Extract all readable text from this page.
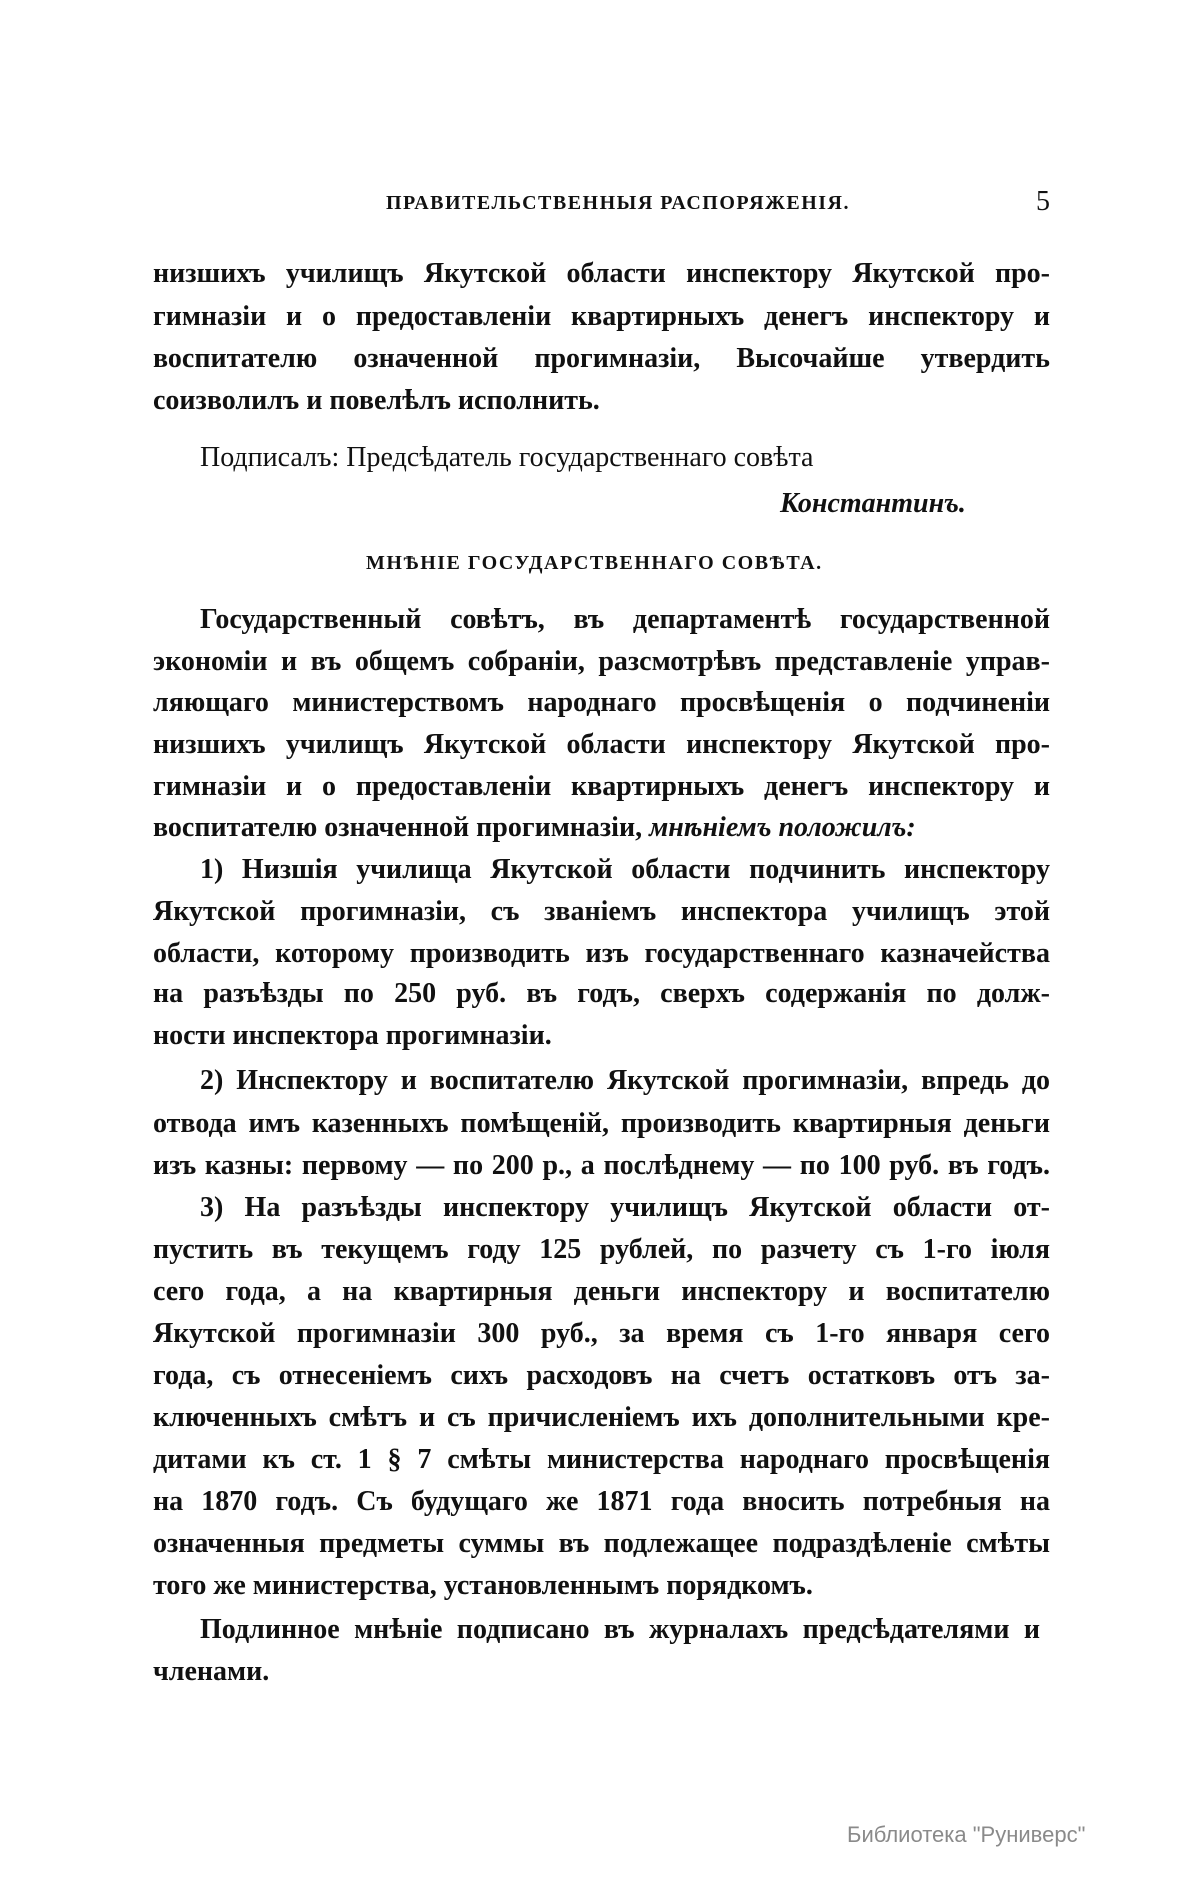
ПРАВИТЕЛЬСТВЕННЫЯ РАСПОРЯЖЕНІЯ.	5
низшихъ училищъ Якутской области инспектору Якутской про-
гимназіи и о предоставленіи квартирныхъ денегъ инспектору и
воспитателю означенной прогимназіи, Высочайше утвердить
соизволилъ и повелѣлъ исполнить.
Подписалъ: Предсѣдатель государственнаго совѣта
Константинъ.
МНѢНІЕ ГОСУДАРСТВЕННАГО СОВѢТА.
Государственный совѣтъ, въ департаментѣ государственной
экономіи и въ общемъ собраніи, разсмотрѣвъ представленіе управ-
ляющаго министерствомъ народнаго просвѣщенія о подчиненіи
низшихъ училищъ Якутской области инспектору Якутской про-
гимназіи и о предоставленіи квартирныхъ денегъ инспектору и
воспитателю означенной прогимназіи, мнѣніемъ положилъ:
1) Низшія училища Якутской области подчинить инспектору
Якутской прогимназіи, съ званіемъ инспектора училищъ этой
области, которому производить изъ государственнаго казначейства
на разъѣзды по 250 руб. въ годъ, сверхъ содержанія по долж-
ности инспектора прогимназіи.
2) Инспектору и воспитателю Якутской прогимназіи, впредь до
отвода имъ казенныхъ помѣщеній, производить квартирныя деньги
изъ казны: первому — по 200 р., а послѣднему — по 100 руб. въ годъ.
3) На разъѣзды инспектору училищъ Якутской области от-
пустить въ текущемъ году 125 рублей, по разчету съ 1-го іюля
сего года, а на квартирныя деньги инспектору и воспитателю
Якутской прогимназіи 300 руб., за время съ 1-го января сего
года, съ отнесеніемъ сихъ расходовъ на счетъ остатковъ отъ за-
ключенныхъ смѣтъ и съ причисленіемъ ихъ дополнительными кре-
дитами къ ст. 1 § 7 смѣты министерства народнаго просвѣщенія
на 1870 годъ. Съ будущаго же 1871 года вносить потребныя на
означенныя предметы суммы въ подлежащее подраздѣленіе смѣты
того же министерства, установленнымъ порядкомъ.
Подлинное мнѣніе подписано въ журналахъ предсѣдателями и
членами.
Библиотека "Руниверс"
